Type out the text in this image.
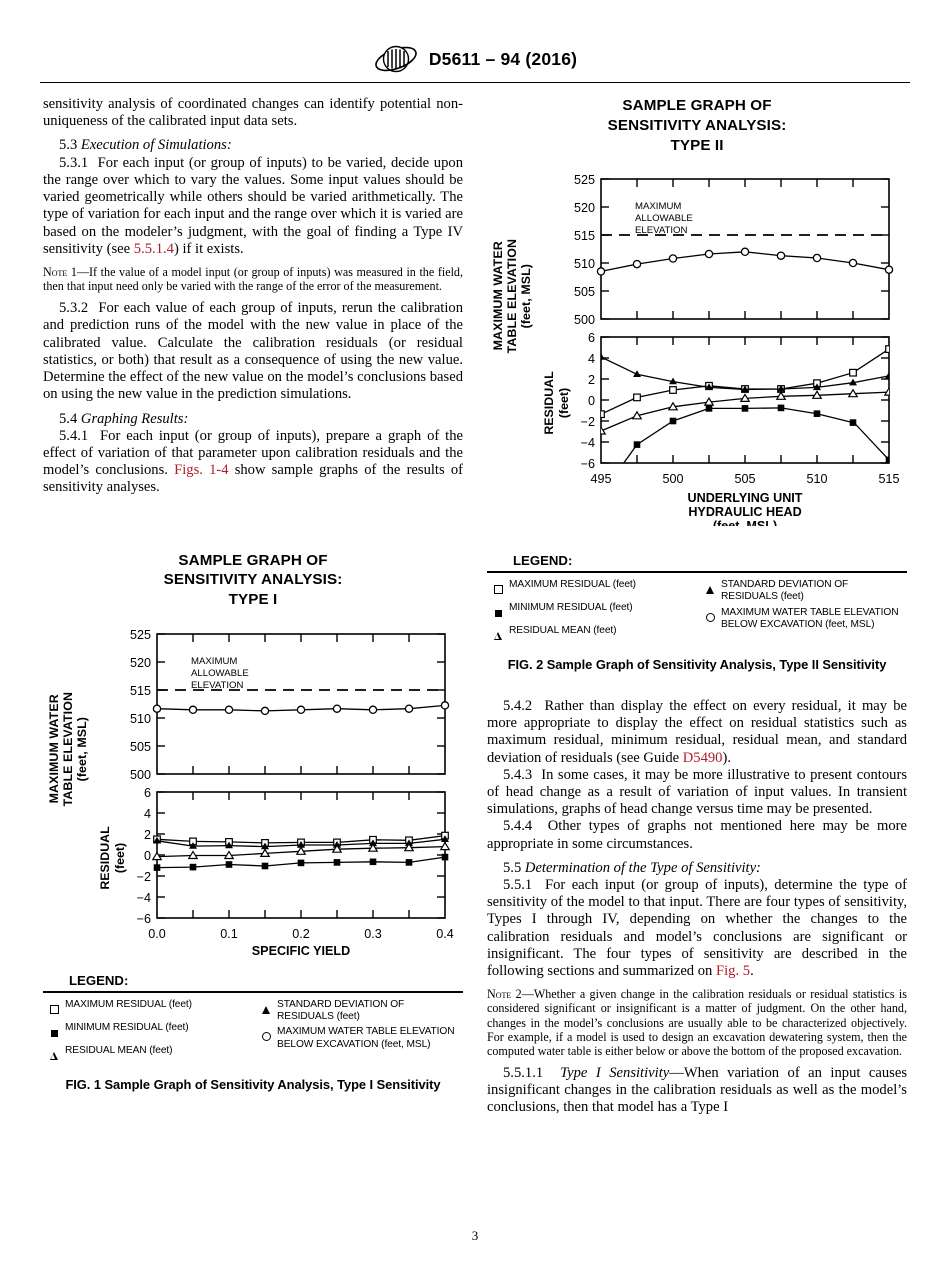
D5611 – 94 (2016)

sensitivity analysis of coordinated changes can identify potential non-uniqueness of the calibrated input data sets.

5.3 Execution of Simulations:

5.3.1 For each input (or group of inputs) to be varied, decide upon the range over which to vary the values. Some input values should be varied geometrically while others should be varied arithmetically. The type of variation for each input and the range over which it is varied are based on the modeler’s judgment, with the goal of finding a Type IV sensitivity (see 5.5.1.4) if it exists.

Note 1—If the value of a model input (or group of inputs) was measured in the field, then that input need only be varied with the range of the error of the measurement.

5.3.2 For each value of each group of inputs, rerun the calibration and prediction runs of the model with the new value in place of the calibrated value. Calculate the calibration residuals (or residual statistics, or both) that result as a consequence of using the new value. Determine the effect of the new value on the model’s conclusions based on using the new value in the prediction simulations.

5.4 Graphing Results:

5.4.1 For each input (or group of inputs), prepare a graph of the effect of variation of that parameter upon calibration residuals and the model’s conclusions. Figs. 1-4 show sample graphs of the results of sensitivity analyses.

SAMPLE GRAPH OF
SENSITIVITY ANALYSIS:
TYPE I
MAXIMUM WATER
TABLE ELEVATION
(feet, MSL)	500
505
510
515
520
525
MAXIMUM
ALLOWABLE
ELEVATION
−6
−2
0
2
4
6
−4
0.0	0.1	0.2	0.3	0.4
RESIDUAL (feet)
SPECIFIC YIELD
LEGEND:
MAXIMUM RESIDUAL (feet)
MINIMUM RESIDUAL (feet)
RESIDUAL MEAN (feet)
STANDARD DEVIATION OF RESIDUALS (feet)
MAXIMUM WATER TABLE ELEVATION BELOW EXCAVATION (feet, MSL)
FIG. 1 Sample Graph of Sensitivity Analysis, Type I Sensitivity
SAMPLE GRAPH OF
SENSITIVITY ANALYSIS:
TYPE II
MAXIMUM WATER
TABLE ELEVATION
(feet, MSL)	500
505
510
515
520
525
MAXIMUM
ALLOWABLE
ELEVATION
−6
−4
−2
0
2
4
6
495	500	505	510	515
RESIDUAL (feet)
UNDERLYING UNIT
HYDRAULIC HEAD
(feet, MSL)
LEGEND:
MAXIMUM RESIDUAL (feet)
MINIMUM RESIDUAL (feet)
RESIDUAL MEAN (feet)
STANDARD DEVIATION OF RESIDUALS (feet)
MAXIMUM WATER TABLE ELEVATION BELOW EXCAVATION (feet, MSL)
FIG. 2 Sample Graph of Sensitivity Analysis, Type II Sensitivity

5.4.2 Rather than display the effect on every residual, it may be more appropriate to display the effect on residual statistics such as maximum residual, minimum residual, residual mean, and standard deviation of residuals (see Guide D5490).

5.4.3 In some cases, it may be more illustrative to present contours of head change as a result of variation of input values. In transient simulations, graphs of head change versus time may be presented.

5.4.4 Other types of graphs not mentioned here may be more appropriate in some circumstances.

5.5 Determination of the Type of Sensitivity:

5.5.1 For each input (or group of inputs), determine the type of sensitivity of the model to that input. There are four types of sensitivity, Types I through IV, depending on whether the changes to the calibration residuals and model’s conclusions are significant or insignificant. The four types of sensitivity are described in the following sections and summarized on Fig. 5.

Note 2—Whether a given change in the calibration residuals or residual statistics is considered significant or insignificant is a matter of judgment. On the other hand, changes in the model’s conclusions are usually able to be characterized objectively. For example, if a model is used to design an excavation dewatering system, then the computed water table is either below or above the bottom of the proposed excavation.

5.5.1.1 Type I Sensitivity—When variation of an input causes insignificant changes in the calibration residuals as well as the model’s conclusions, then that model has a Type I

3
